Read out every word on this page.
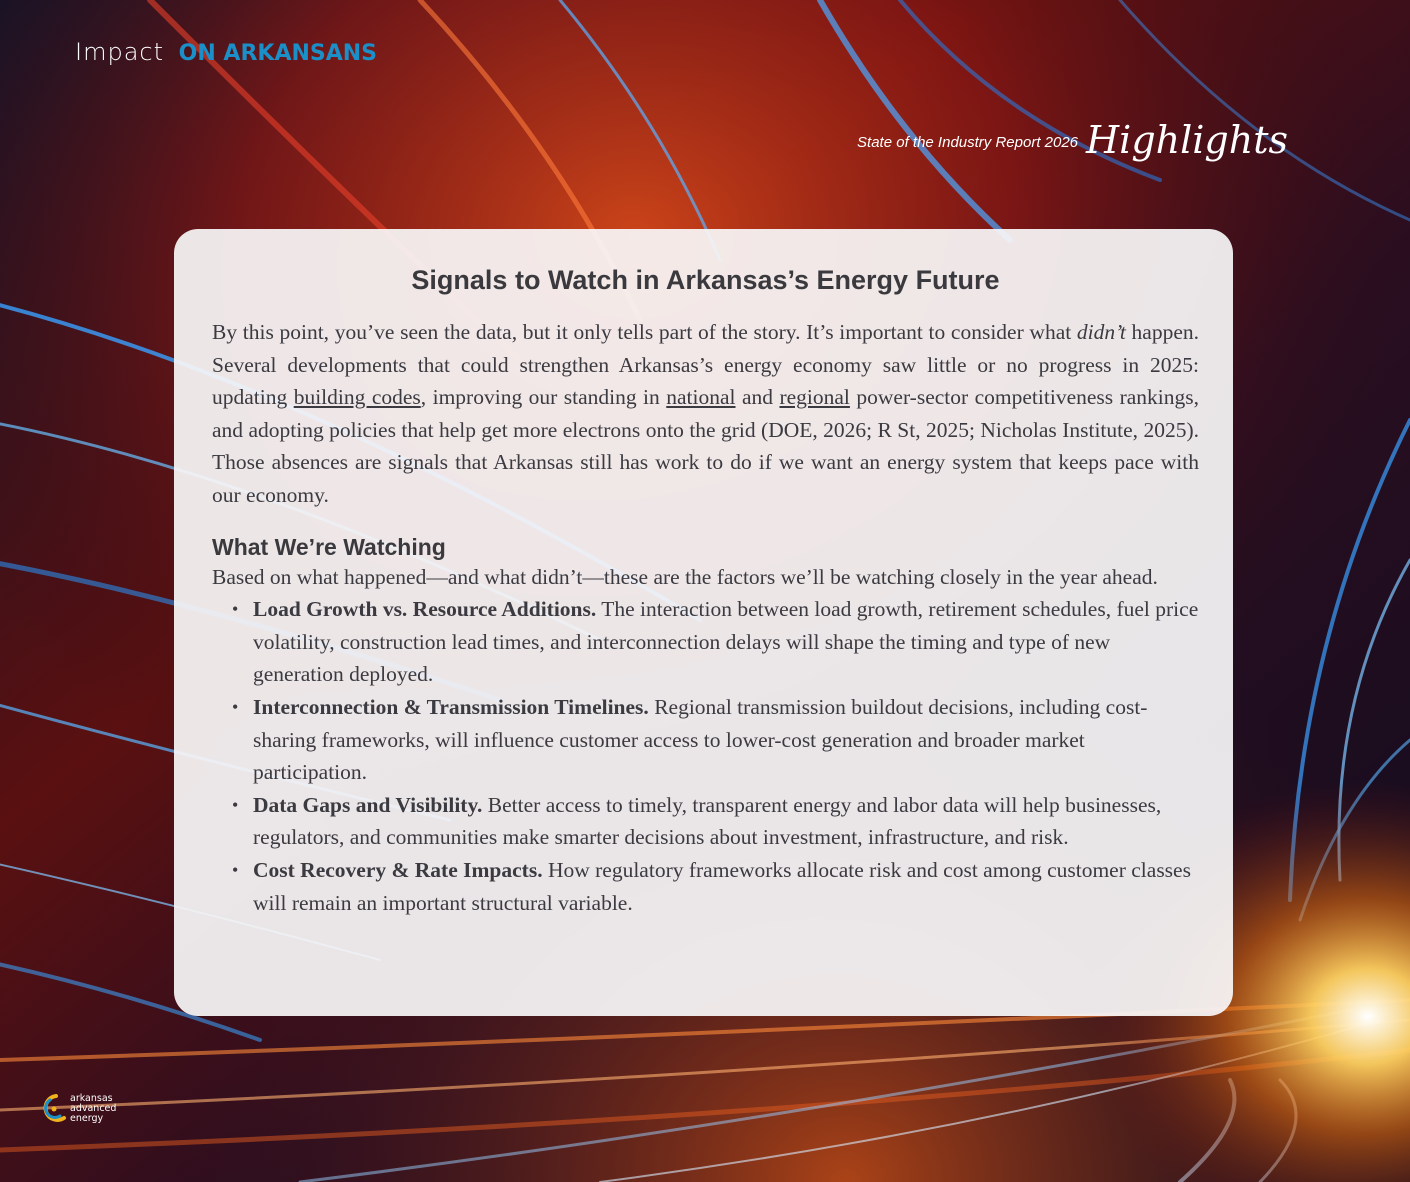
Impact ON ARKANSANS
State of the Industry Report 2026 Highlights
Signals to Watch in Arkansas’s Energy Future

By this point, you’ve seen the data, but it only tells part of the story. It’s important to consider what didn’t happen. Several developments that could strengthen Arkansas’s energy economy saw little or no progress in 2025: updating building codes, improving our standing in national and regional power-sector competitiveness rankings, and adopting policies that help get more electrons onto the grid (DOE, 2026; R St, 2025; Nicholas Institute, 2025). Those absences are signals that Arkansas still has work to do if we want an energy system that keeps pace with our economy.

What We’re Watching

Based on what happened—and what didn’t—these are the factors we’ll be watching closely in the year ahead.

• Load Growth vs. Resource Additions. The interaction between load growth, retirement schedules, fuel price volatility, construction lead times, and interconnection delays will shape the timing and type of new generation deployed.
• Interconnection & Transmission Timelines. Regional transmission buildout decisions, including cost-sharing frameworks, will influence customer access to lower-cost generation and broader market participation.
• Data Gaps and Visibility. Better access to timely, transparent energy and labor data will help businesses, regulators, and communities make smarter decisions about investment, infrastructure, and risk.
• Cost Recovery & Rate Impacts. How regulatory frameworks allocate risk and cost among customer classes will remain an important structural variable.
arkansas
advanced
energy
